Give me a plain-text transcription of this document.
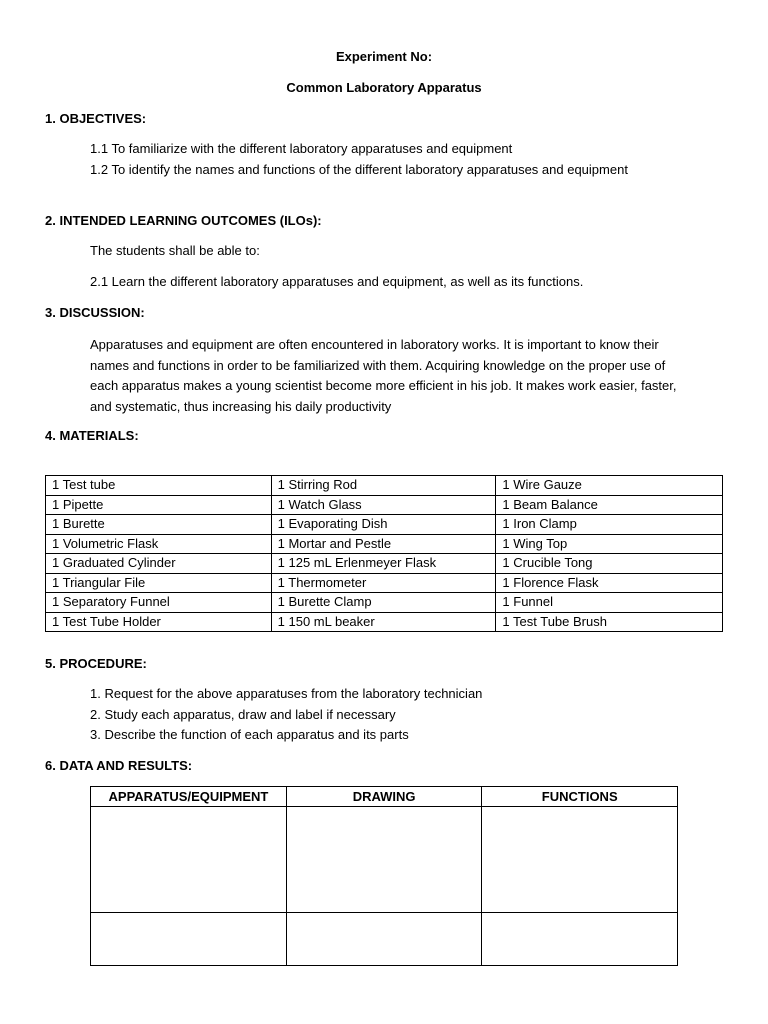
Experiment No:
Common Laboratory Apparatus
1. OBJECTIVES:
1.1 To familiarize with the different laboratory apparatuses and equipment
1.2 To identify the names and functions of the different laboratory apparatuses and equipment
2. INTENDED LEARNING OUTCOMES (ILOs):
The students shall be able to:
2.1 Learn the different laboratory apparatuses and equipment, as well as its functions.
3. DISCUSSION:
Apparatuses and equipment are often encountered in laboratory works. It is important to know their
names and functions in order to be familiarized with them. Acquiring knowledge on the proper use of
each apparatus makes a young scientist become more efficient in his job. It makes work easier, faster,
and systematic, thus increasing his daily productivity
4. MATERIALS:
1 Test tube	1 Stirring Rod	1 Wire Gauze
1 Pipette	1 Watch Glass	1 Beam Balance
1 Burette	1 Evaporating Dish	1 Iron Clamp
1 Volumetric Flask	1 Mortar and Pestle	1 Wing Top
1 Graduated Cylinder	1 125 mL Erlenmeyer Flask	1 Crucible Tong
1 Triangular File	1 Thermometer	1 Florence Flask
1 Separatory Funnel	1 Burette Clamp	1 Funnel
1 Test Tube Holder	1 150 mL beaker	1 Test Tube Brush
5. PROCEDURE:
1. Request for the above apparatuses from the laboratory technician
2. Study each apparatus, draw and label if necessary
3. Describe the function of each apparatus and its parts
6. DATA AND RESULTS:
APPARATUS/EQUIPMENT	DRAWING	FUNCTIONS
